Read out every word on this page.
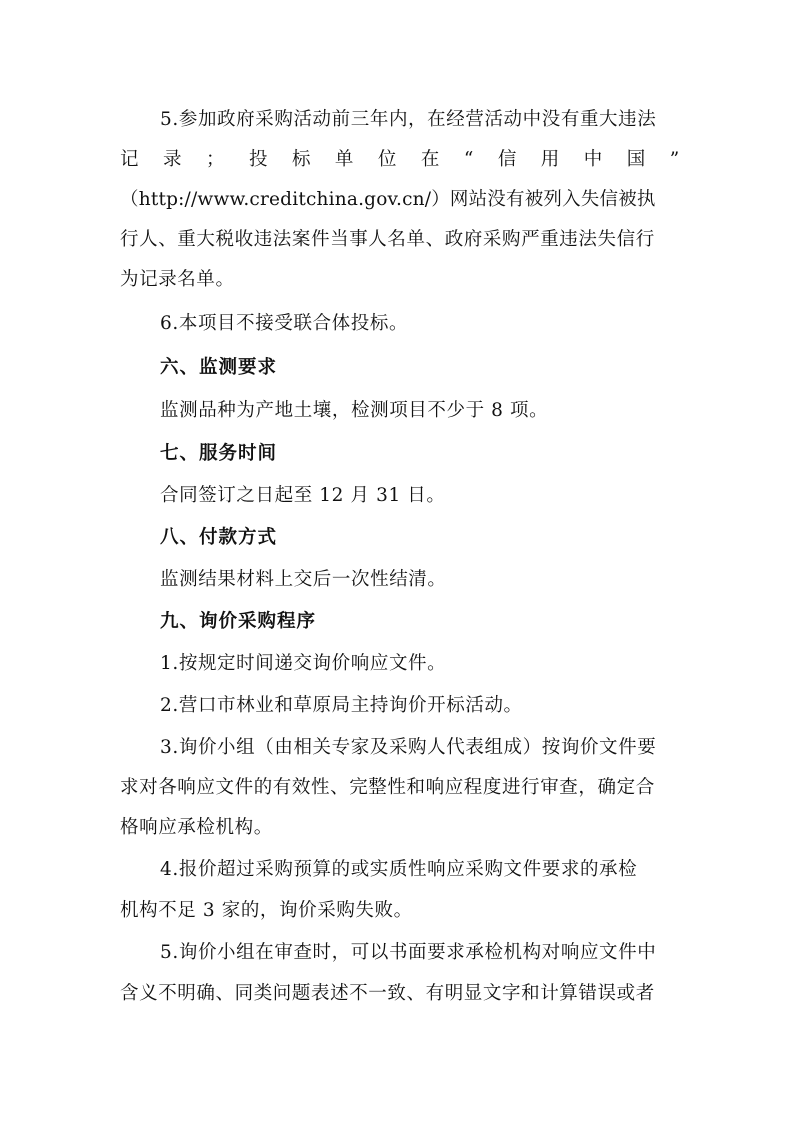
5.参加政府采购活动前三年内，在经营活动中没有重大违法
记 录 ； 投 标 单 位 在 “ 信 用 中 国 ”
（http://www.creditchina.gov.cn/）网站没有被列入失信被执
行人、重大税收违法案件当事人名单、政府采购严重违法失信行
为记录名单。
6.本项目不接受联合体投标。
六、监测要求
监测品种为产地土壤，检测项目不少于 8 项。
七、服务时间
合同签订之日起至 12 月 31 日。
八、付款方式
监测结果材料上交后一次性结清。
九、询价采购程序
1.按规定时间递交询价响应文件。
2.营口市林业和草原局主持询价开标活动。
3.询价小组（由相关专家及采购人代表组成）按询价文件要
求对各响应文件的有效性、完整性和响应程度进行审查，确定合
格响应承检机构。
4.报价超过采购预算的或实质性响应采购文件要求的承检
机构不足 3 家的，询价采购失败。
5.询价小组在审查时，可以书面要求承检机构对响应文件中
含义不明确、同类问题表述不一致、有明显文字和计算错误或者
